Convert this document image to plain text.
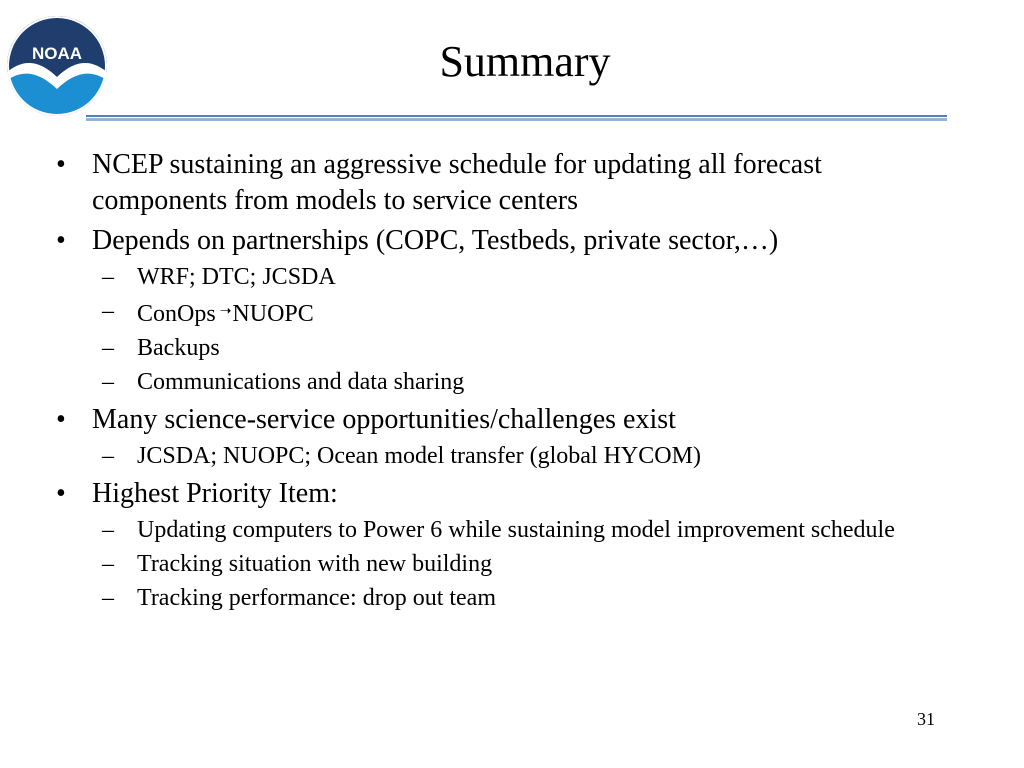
NOAA	Summary
• NCEP sustaining an aggressive schedule for updating all forecast components from models to service centers
• Depends on partnerships (COPC, Testbeds, private sector,…)
– WRF; DTC; JCSDA
– ConOps ➝NUOPC
– Backups
– Communications and data sharing
• Many science-service opportunities/challenges exist
– JCSDA; NUOPC; Ocean model transfer (global HYCOM)
• Highest Priority Item:
– Updating computers to Power 6 while sustaining model improvement schedule
– Tracking situation with new building
– Tracking performance: drop out team
31
